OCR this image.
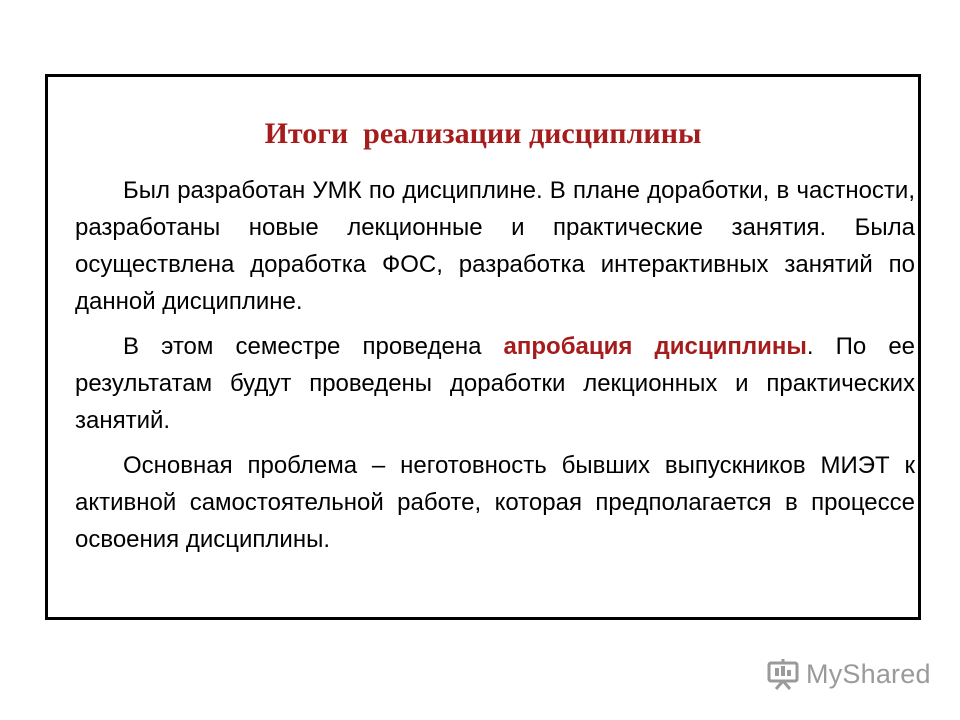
Итоги  реализации дисциплины

Был разработан УМК по дисциплине. В плане доработки, в частности, разработаны новые лекционные и практические занятия. Была осуществлена доработка ФОС, разработка интерактивных занятий по данной дисциплине.

В этом семестре проведена апробация дисциплины. По ее результатам будут проведены доработки лекционных и практических занятий.

Основная проблема – неготовность бывших выпускников МИЭТ к активной самостоятельной работе, которая предполагается в процессе освоения дисциплины.

MyShared
